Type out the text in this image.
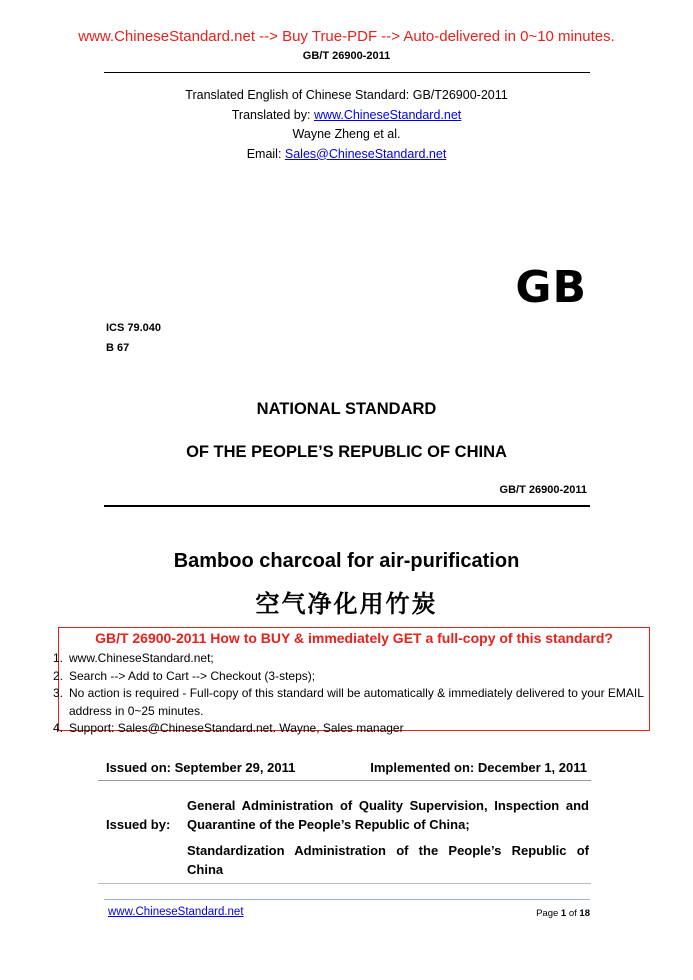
www.ChineseStandard.net --> Buy True-PDF --> Auto-delivered in 0~10 minutes.
GB/T 26900-2011
Translated English of Chinese Standard: GB/T26900-2011
Translated by: www.ChineseStandard.net
Wayne Zheng et al.
Email: Sales@ChineseStandard.net
GB
ICS 79.040
B 67
NATIONAL STANDARD
OF THE PEOPLE’S REPUBLIC OF CHINA
GB/T 26900-2011
Bamboo charcoal for air-purification
空气净化用竹炭
GB/T 26900-2011 How to BUY & immediately GET a full-copy of this standard?
1. www.ChineseStandard.net;
2. Search --> Add to Cart --> Checkout (3-steps);
3. No action is required - Full-copy of this standard will be automatically & immediately delivered to your EMAIL address in 0~25 minutes.
4. Support: Sales@ChineseStandard.net. Wayne, Sales manager
Issued on: September 29, 2011	Implemented on: December 1, 2011
Issued by:
General Administration of Quality Supervision, Inspection and Quarantine of the People’s Republic of China;
Standardization Administration of the People’s Republic of China
www.ChineseStandard.net	Page 1 of 18
